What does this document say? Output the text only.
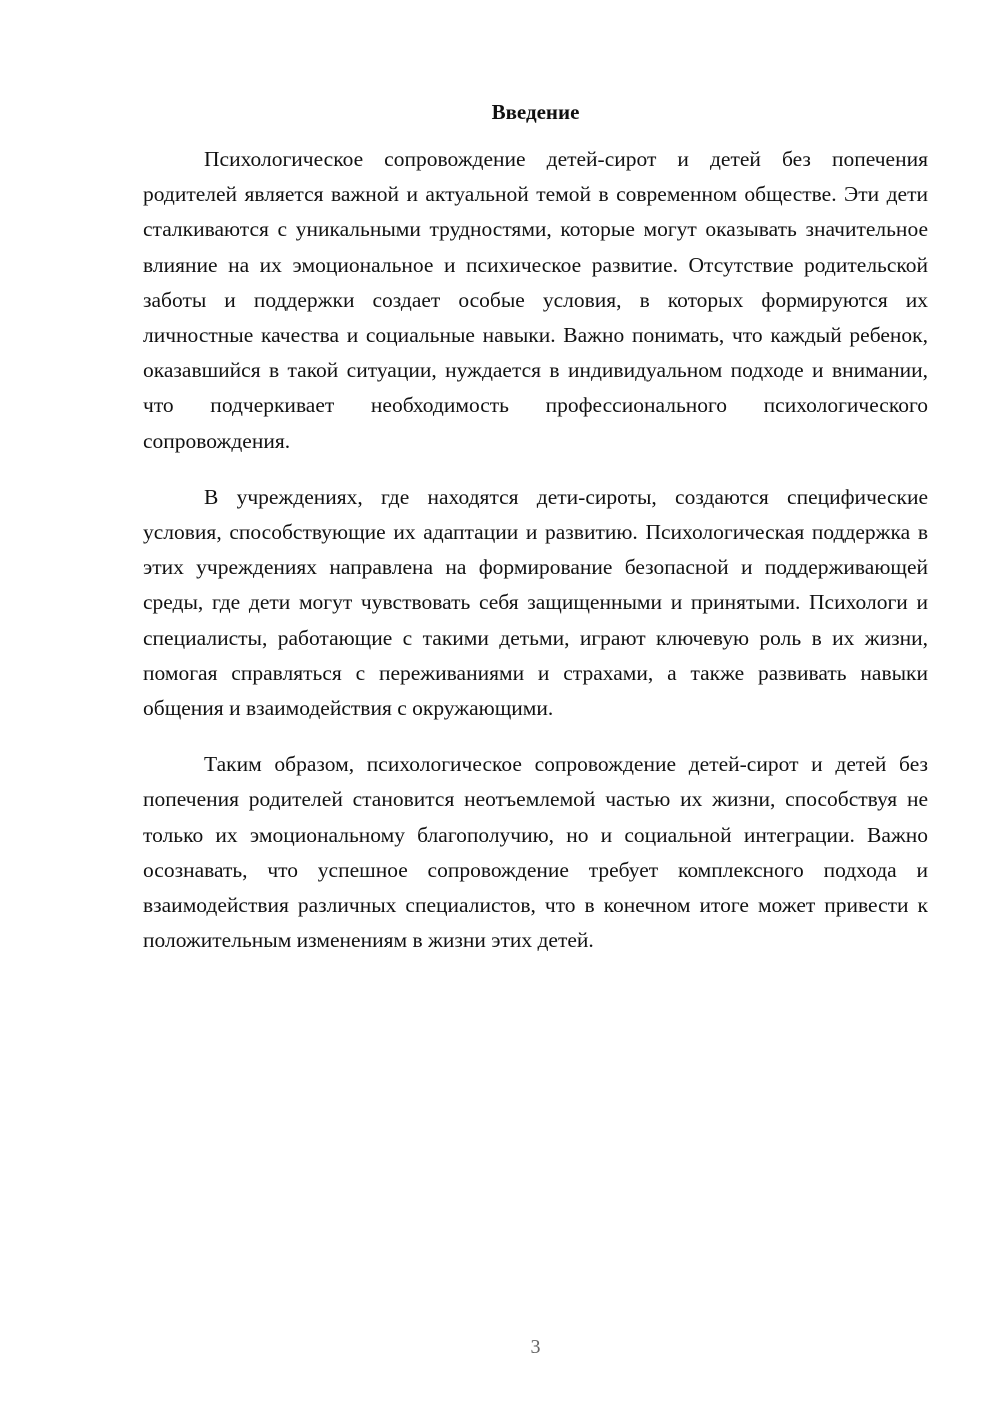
Введение

Психологическое сопровождение детей-сирот и детей без попечения родителей является важной и актуальной темой в современном обществе. Эти дети сталкиваются с уникальными трудностями, которые могут оказывать значительное влияние на их эмоциональное и психическое развитие. Отсутствие родительской заботы и поддержки создает особые условия, в которых формируются их личностные качества и социальные навыки. Важно понимать, что каждый ребенок, оказавшийся в такой ситуации, нуждается в индивидуальном подходе и внимании, что подчеркивает необходимость профессионального психологического сопровождения.

В учреждениях, где находятся дети-сироты, создаются специфические условия, способствующие их адаптации и развитию. Психологическая поддержка в этих учреждениях направлена на формирование безопасной и поддерживающей среды, где дети могут чувствовать себя защищенными и принятыми. Психологи и специалисты, работающие с такими детьми, играют ключевую роль в их жизни, помогая справляться с переживаниями и страхами, а также развивать навыки общения и взаимодействия с окружающими.

Таким образом, психологическое сопровождение детей-сирот и детей без попечения родителей становится неотъемлемой частью их жизни, способствуя не только их эмоциональному благополучию, но и социальной интеграции. Важно осознавать, что успешное сопровождение требует комплексного подхода и взаимодействия различных специалистов, что в конечном итоге может привести к положительным изменениям в жизни этих детей.

3
